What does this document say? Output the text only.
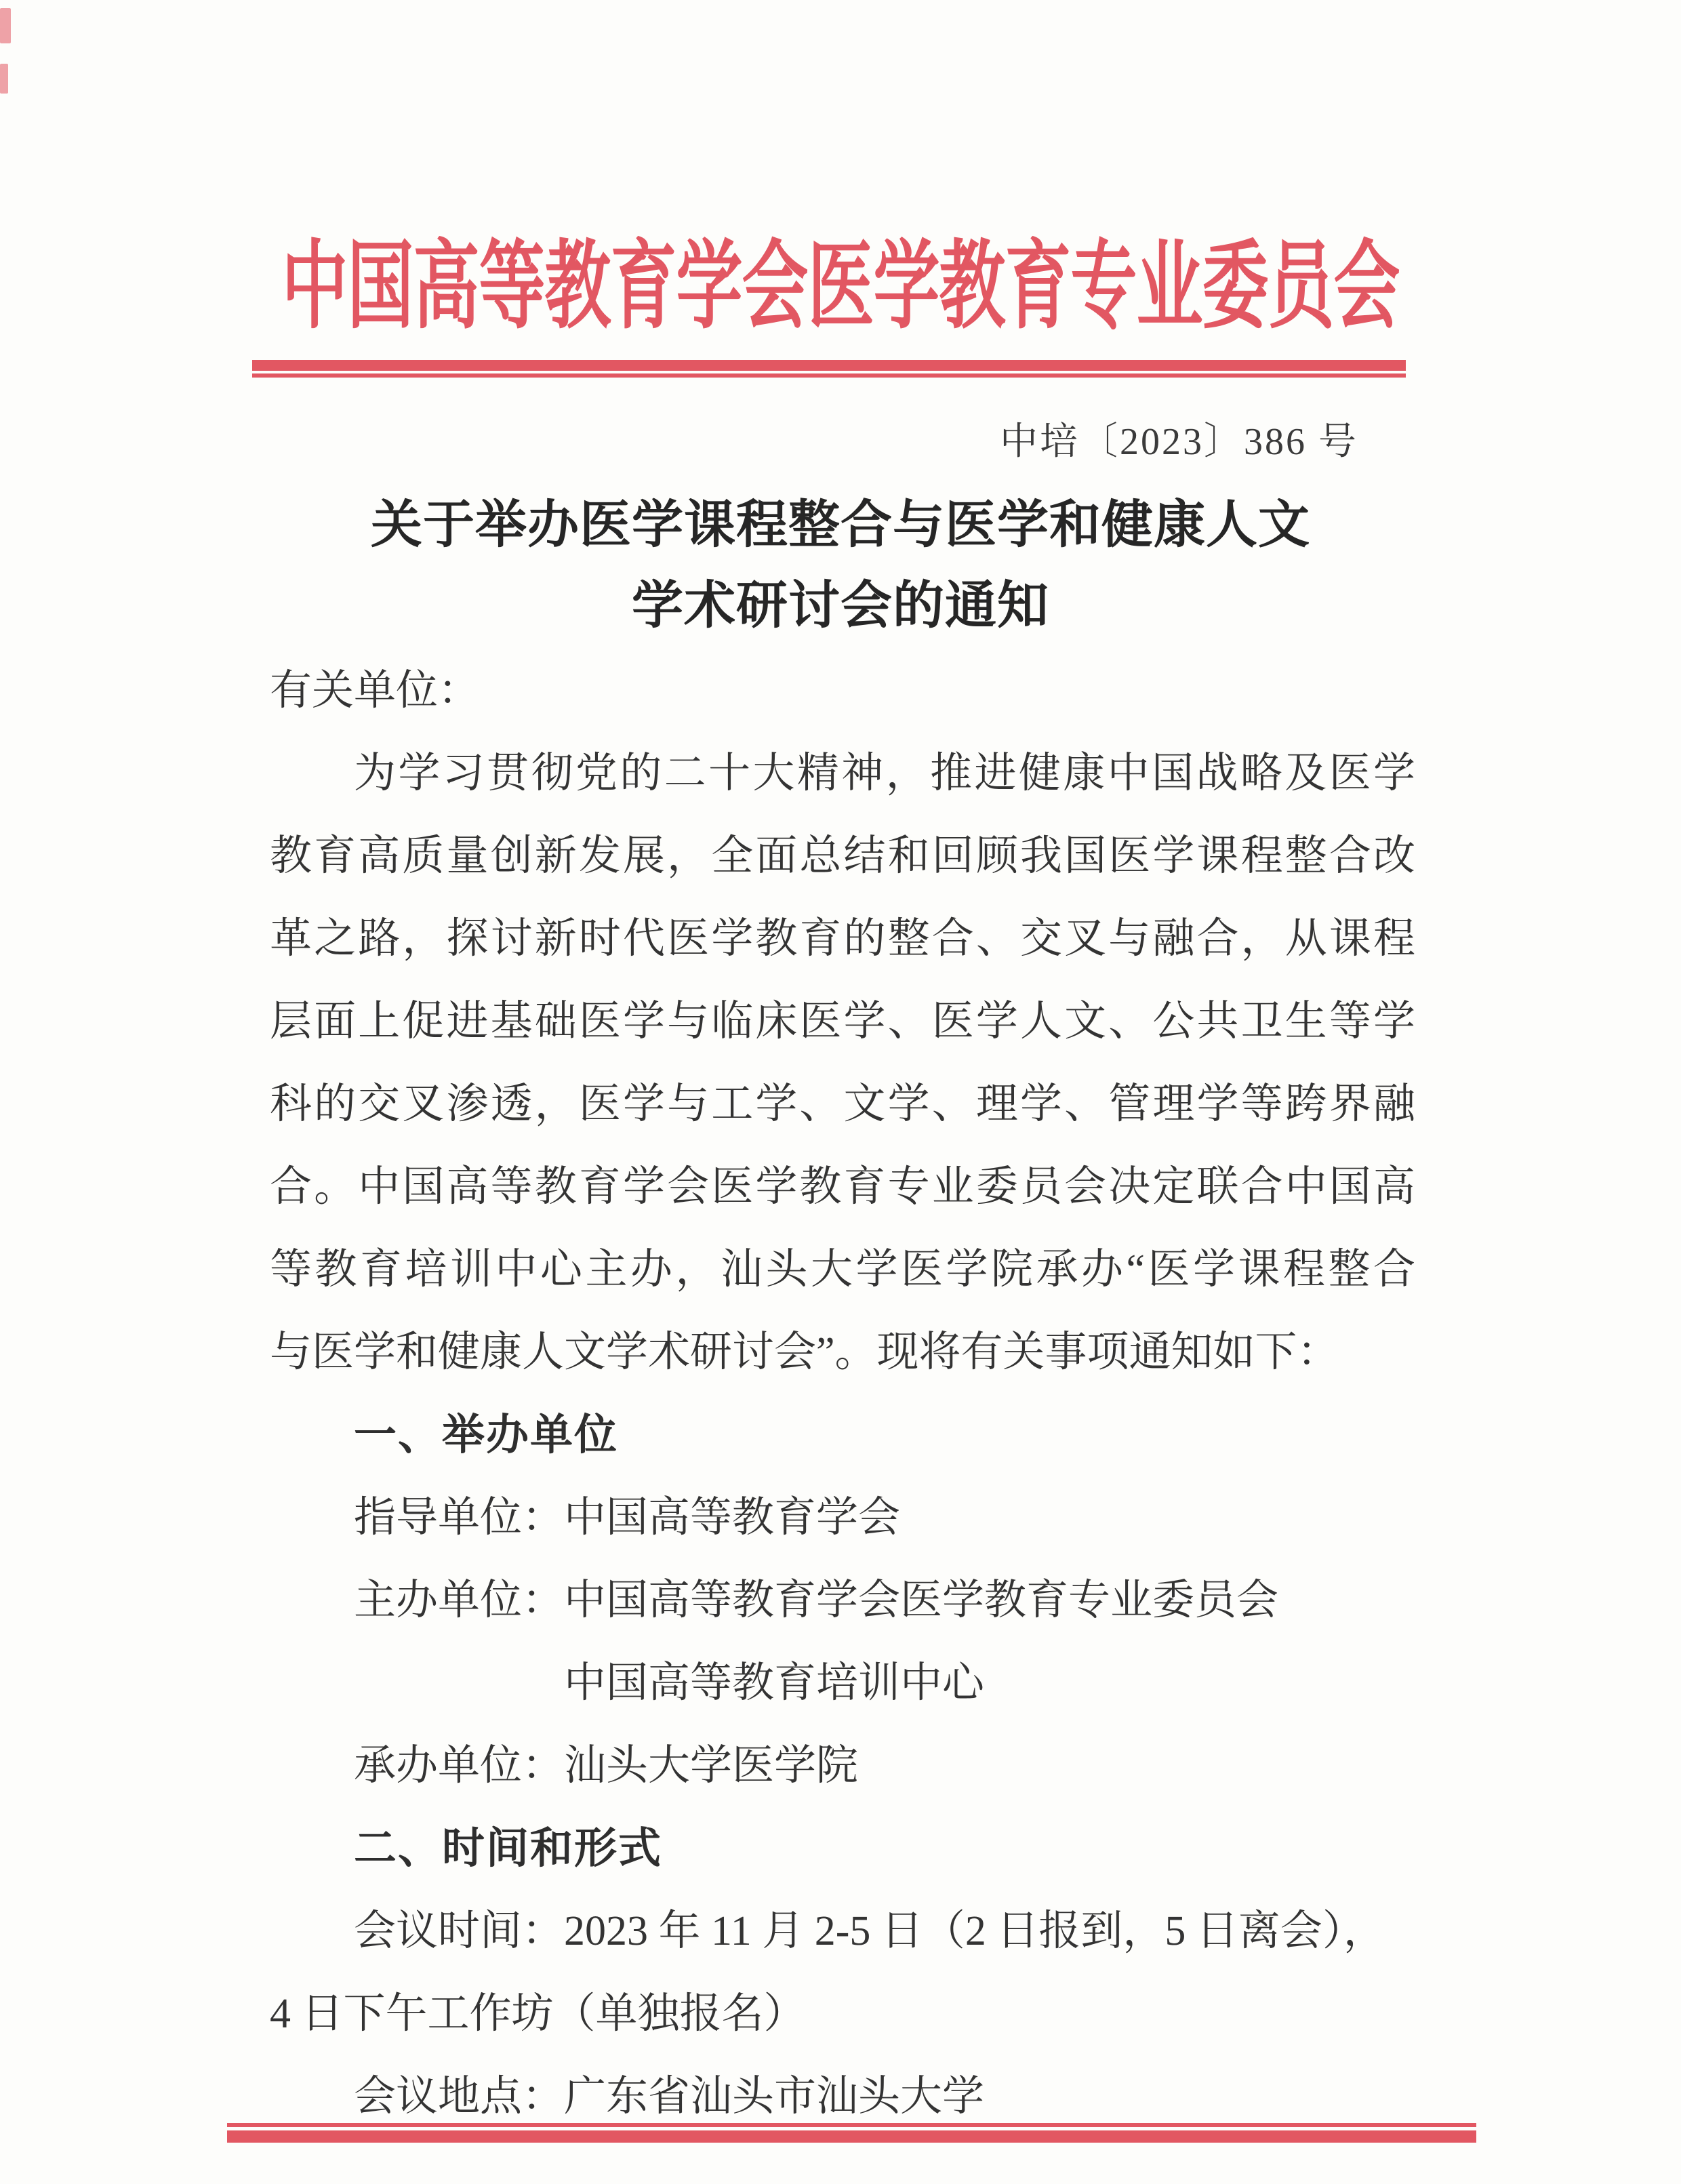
中国高等教育学会医学教育专业委员会
中培〔2023〕386 号
关于举办医学课程整合与医学和健康人文
学术研讨会的通知
有关单位：
为学习贯彻党的二十大精神，推进健康中国战略及医学
教育高质量创新发展，全面总结和回顾我国医学课程整合改
革之路，探讨新时代医学教育的整合、交叉与融合，从课程
层面上促进基础医学与临床医学、医学人文、公共卫生等学
科的交叉渗透，医学与工学、文学、理学、管理学等跨界融
合。中国高等教育学会医学教育专业委员会决定联合中国高
等教育培训中心主办，汕头大学医学院承办“医学课程整合
与医学和健康人文学术研讨会”。现将有关事项通知如下：
一、举办单位
指导单位：中国高等教育学会
主办单位：中国高等教育学会医学教育专业委员会
中国高等教育培训中心
承办单位：汕头大学医学院
二、时间和形式
会议时间：2023 年 11 月 2-5 日（2 日报到，5 日离会），
4 日下午工作坊（单独报名）
会议地点：广东省汕头市汕头大学
